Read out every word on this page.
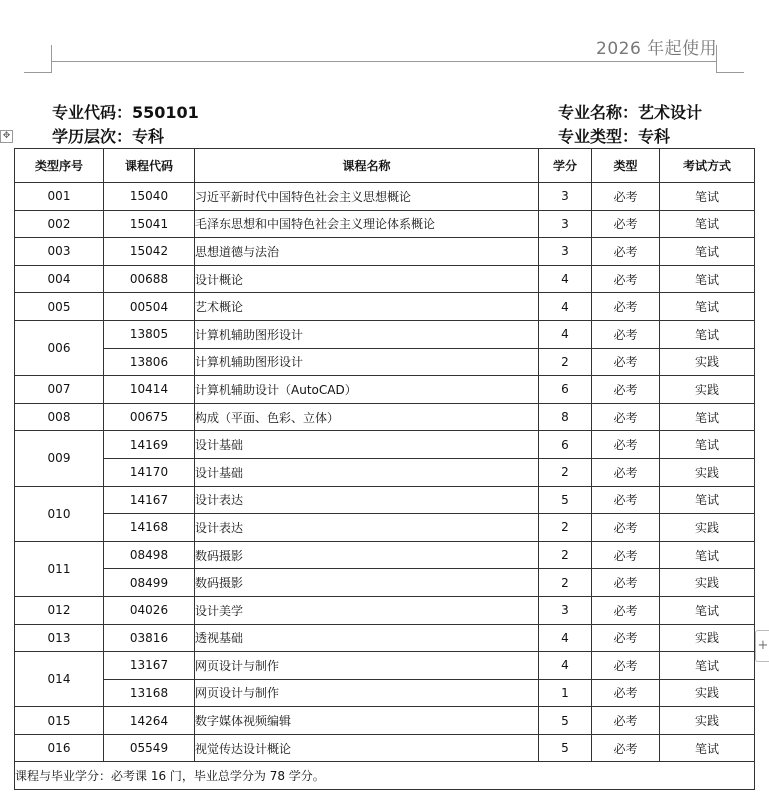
2026 年起使用
专业代码：550101	专业名称：艺术设计
学历层次：专科	专业类型：专科
✥
+
类型序号	课程代码	课程名称	学分	类型	考试方式
001	15040	习近平新时代中国特色社会主义思想概论	3	必考	笔试
002	15041	毛泽东思想和中国特色社会主义理论体系概论	3	必考	笔试
003	15042	思想道德与法治	3	必考	笔试
004	00688	设计概论	4	必考	笔试
005	00504	艺术概论	4	必考	笔试
006	13805	计算机辅助图形设计	4	必考	笔试
	13806	计算机辅助图形设计	2	必考	实践
007	10414	计算机辅助设计（AutoCAD）	6	必考	实践
008	00675	构成（平面、色彩、立体）	8	必考	笔试
009	14169	设计基础	6	必考	笔试
	14170	设计基础	2	必考	实践
010	14167	设计表达	5	必考	笔试
	14168	设计表达	2	必考	实践
011	08498	数码摄影	2	必考	笔试
	08499	数码摄影	2	必考	实践
012	04026	设计美学	3	必考	笔试
013	03816	透视基础	4	必考	实践
014	13167	网页设计与制作	4	必考	笔试
	13168	网页设计与制作	1	必考	实践
015	14264	数字媒体视频编辑	5	必考	实践
016	05549	视觉传达设计概论	5	必考	笔试
课程与毕业学分：必考课 16 门，毕业总学分为 78 学分。					
